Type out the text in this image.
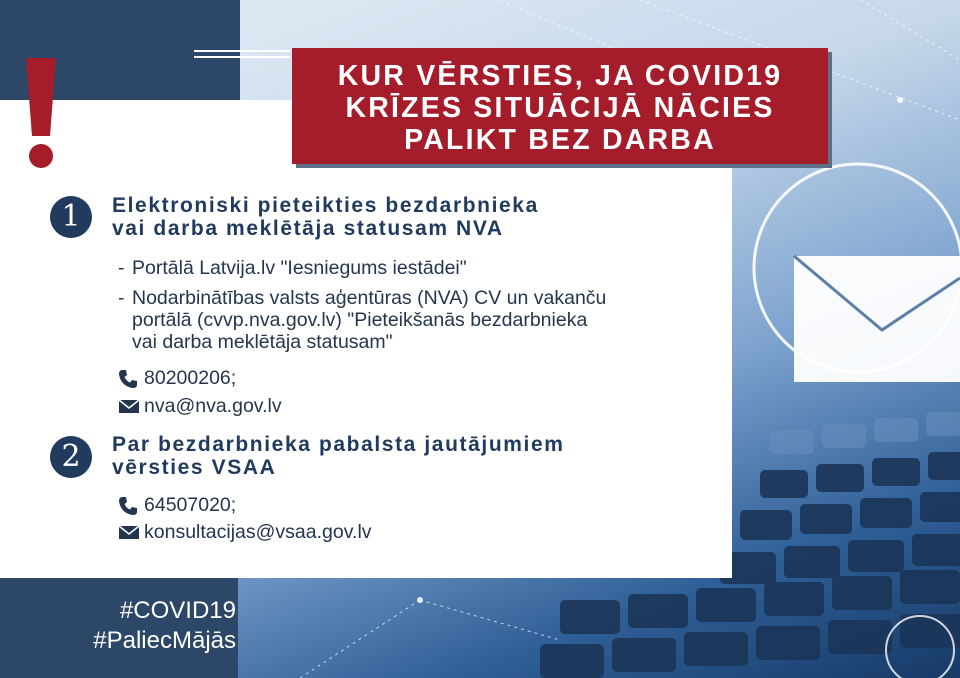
KUR VĒRSTIES, JA COVID19
KRĪZES SITUĀCIJĀ NĀCIES
PALIKT BEZ DARBA
1	Elektroniski pieteikties bezdarbnieka
vai darba meklētāja statusam NVA
- Portālā Latvija.lv "Iesniegums iestādei"
- Nodarbinātības valsts aģentūras (NVA) CV un vakanču
portālā (cvvp.nva.gov.lv) "Pieteikšanās bezdarbnieka
vai darba meklētāja statusam"
80200206;
nva@nva.gov.lv
2	Par bezdarbnieka pabalsta jautājumiem
vērsties VSAA
64507020;
konsultacijas@vsaa.gov.lv
#COVID19
#PaliecMājās
